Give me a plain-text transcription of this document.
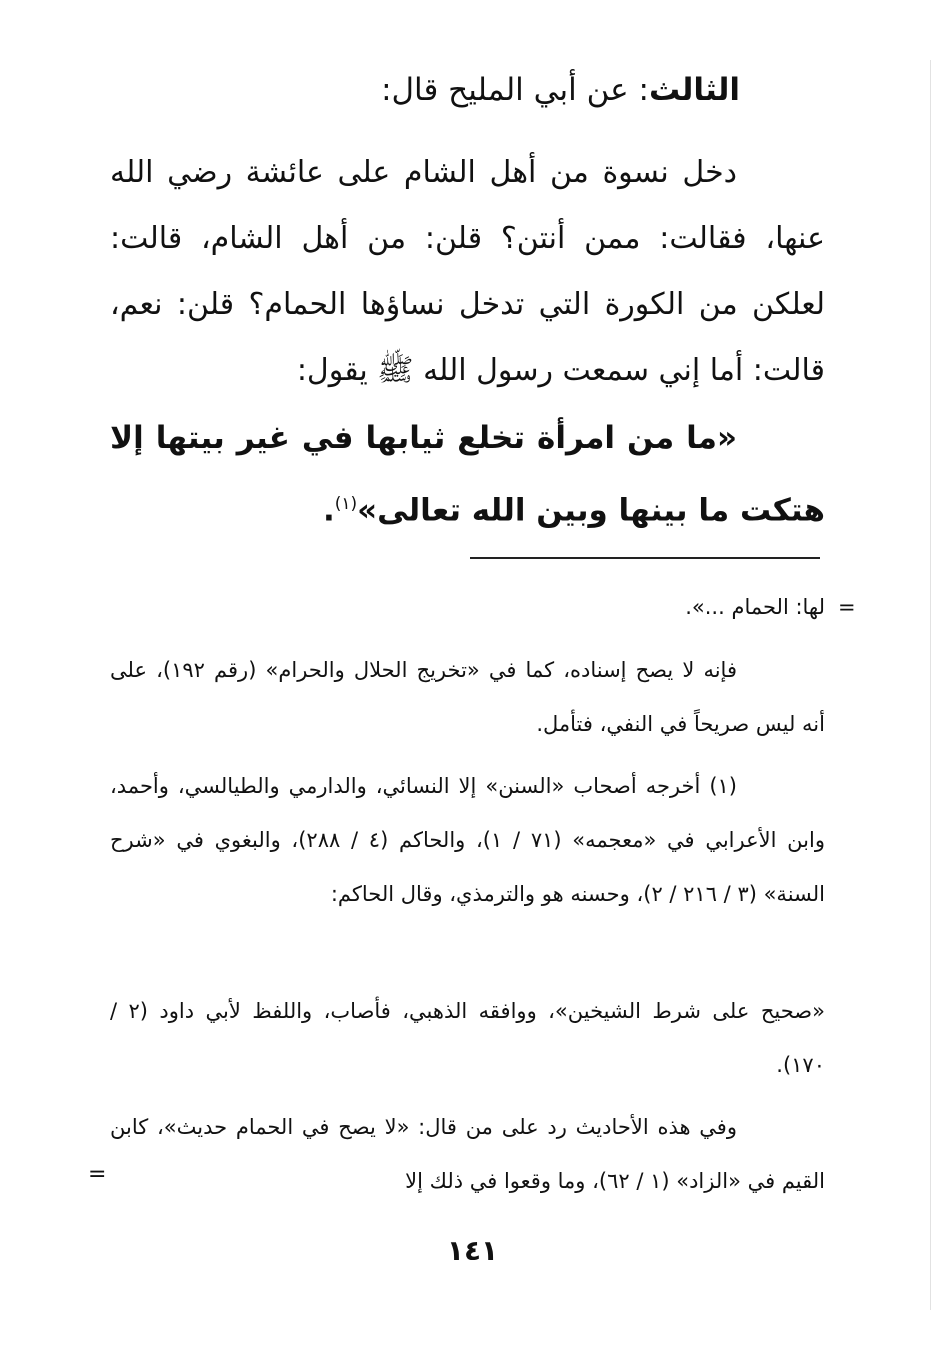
الثالث: عن أبي المليح قال:
دخل نسوة من أهل الشام على عائشة رضي الله عنها، فقالت: ممن أنتن؟ قلن: من أهل الشام، قالت: لعلكن من الكورة التي تدخل نساؤها الحمام؟ قلن: نعم، قالت: أما إني سمعت رسول الله ﷺ يقول:
«ما من امرأة تخلع ثيابها في غير بيتها إلا هتكت ما بينها وبين الله تعالى»$^{(١)}$.
=
لها: الحمام ...».
فإنه لا يصح إسناده، كما في «تخريج الحلال والحرام» (رقم ١٩٢)، على أنه ليس صريحاً في النفي، فتأمل.
(١) أخرجه أصحاب «السنن» إلا النسائي، والدارمي والطيالسي، وأحمد، وابن الأعرابي في «معجمه» (٧١ / ١)، والحاكم (٤ / ٢٨٨)، والبغوي في «شرح السنة» (٣ / ٢١٦ / ٢)، وحسنه هو والترمذي، وقال الحاكم:
«صحيح على شرط الشيخين»، ووافقه الذهبي، فأصاب، واللفظ لأبي داود (٢ / ١٧٠).
وفي هذه الأحاديث رد على من قال: «لا يصح في الحمام حديث»، كابن القيم في «الزاد» (١ / ٦٢)، وما وقعوا في ذلك إلا
=
١٤١
